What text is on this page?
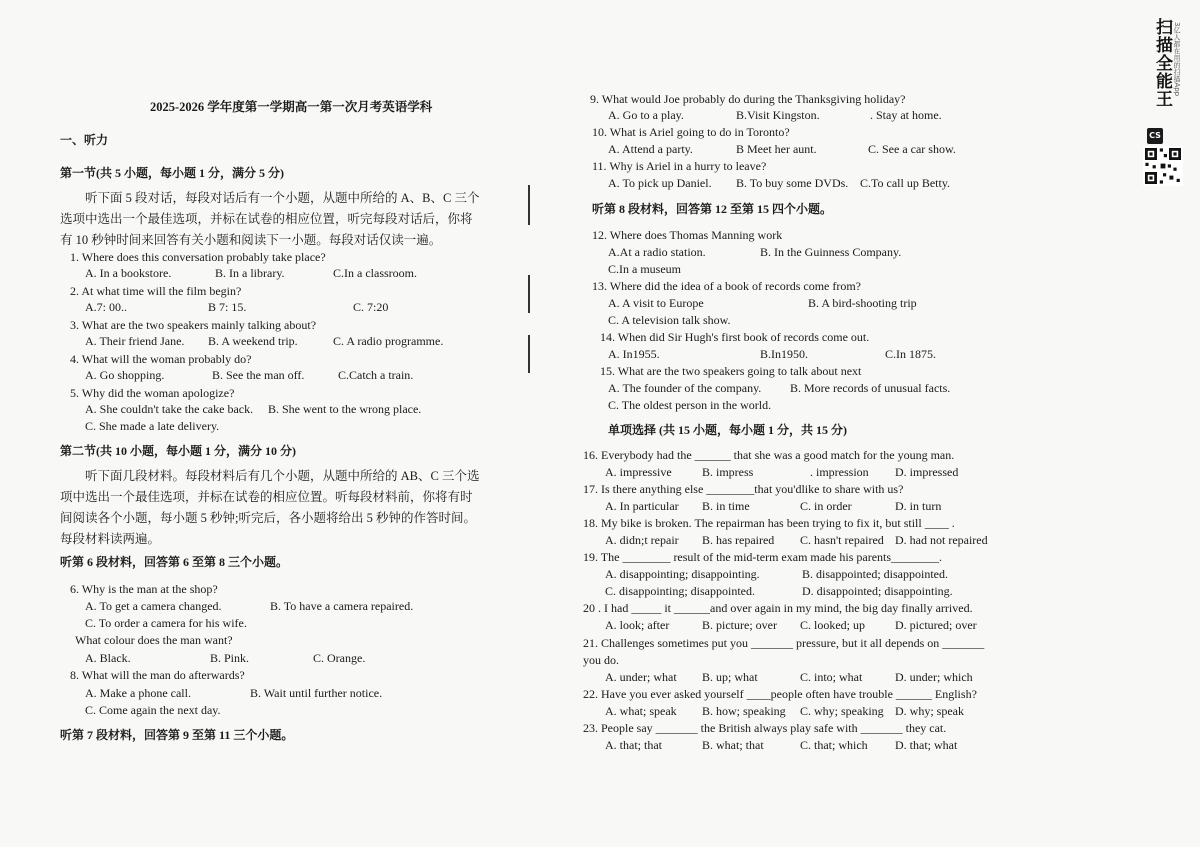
2025-2026 学年度第一学期高一第一次月考英语学科
听下面 5 段对话，每段对话后有一个小题，从题中所给的 A、B、C 三个选项中选出一个最佳选项，并标在试卷的相应位置，听完每段对话后，你将有 10 秒钟时间来回答有关小题和阅读下一小题。每段对话仅读一遍。
听下面几段材料。每段材料后有几个小题，从题中所给的 AB、C 三个选项中选出一个最佳选项，并标在试卷的相应位置。听每段材料前，你将有时间阅读各个小题，每小题 5 秒钟;听完后，各小题将给出 5 秒钟的作答时间。每段材料读两遍。
一、听力
第一节(共 5 小题，每小题 1 分，满分 5 分)
1. Where does this conversation probably take place?
A. In a bookstore.	B. In a library.	C.In a classroom.
2. At what time will the film begin?
A.7: 00..	B 7: 15.	C. 7:20
3. What are the two speakers mainly talking about?
A. Their friend Jane. B. A weekend trip.	C. A radio programme.
4. What will the woman probably do?
A. Go shopping.	B. See the man off.	C.Catch a train.
5. Why did the woman apologize?
A. She couldn't take the cake back. B. She went to the wrong place.
C. She made a late delivery.
第二节(共 10 小题，每小题 1 分，满分 10 分)
听第 6 段材料，回答第 6 至第 8 三个小题。
6. Why is the man at the shop?
A. To get a camera changed.	B. To have a camera repaired.
C. To order a camera for his wife.
What colour does the man want?
A. Black.	B. Pink.	C. Orange.
8. What will the man do afterwards?
A. Make a phone call.	B. Wait until further notice.
C. Come again the next day.
听第 7 段材料，回答第 9 至第 11 三个小题。
9. What would Joe probably do during the Thanksgiving holiday?
A. Go to a play.	B.Visit Kingston.	. Stay at home.
10. What is Ariel going to do in Toronto?
A. Attend a party.	B Meet her aunt.	C. See a car show.
11. Why is Ariel in a hurry to leave?
A. To pick up Daniel. B. To buy some DVDs. C.To call up Betty.
听第 8 段材料，回答第 12 至第 15 四个小题。
12. Where does Thomas Manning work
A.At a radio station.	B. In the Guinness Company.
C.In a museum
13. Where did the idea of a book of records come from?
A. A visit to Europe	B. A bird-shooting trip
C. A television talk show.
14. When did Sir Hugh's first book of records come out.
A. In1955.	B.In1950.	C.In 1875.
15. What are the two speakers going to talk about next
A. The founder of the company. B. More records of unusual facts.
C. The oldest person in the world.
单项选择 (共 15 小题，每小题 1 分，共 15 分)
16. Everybody had the ______ that she was a good match for the young man.
A. impressive	B. impress	. impression D. impressed
17. Is there anything else ________that you'dlike to share with us?
A. In particular B. in time	C. in order	D. in turn
18. My bike is broken. The repairman has been trying to fix it, but still ____ .
A. didn;t repair B. has repaired C. hasn't repaired D. had not repaired
19. The ________ result of the mid-term exam made his parents________.
A. disappointing; disappointing.	B. disappointed; disappointed.
C. disappointing; disappointed.	D. disappointed; disappointing.
20 . I had _____ it ______and over again in my mind, the big day finally arrived.
A. look; after	B. picture; over C. looked; up	D. pictured; over
21. Challenges sometimes put you _______ pressure, but it all depends on _______
you do.
A. under; what B. up; what	C. into; what	D. under; which
22. Have you ever asked yourself ____people often have trouble ______ English?
A. what; speak B. how; speaking C. why; speaking D. why; speak
23. People say _______ the British always play safe with _______ they cat.
A. that; that	B. what; that	C. that; which D. that; what
扫描全能王 3亿人都在用的扫描App
CS
